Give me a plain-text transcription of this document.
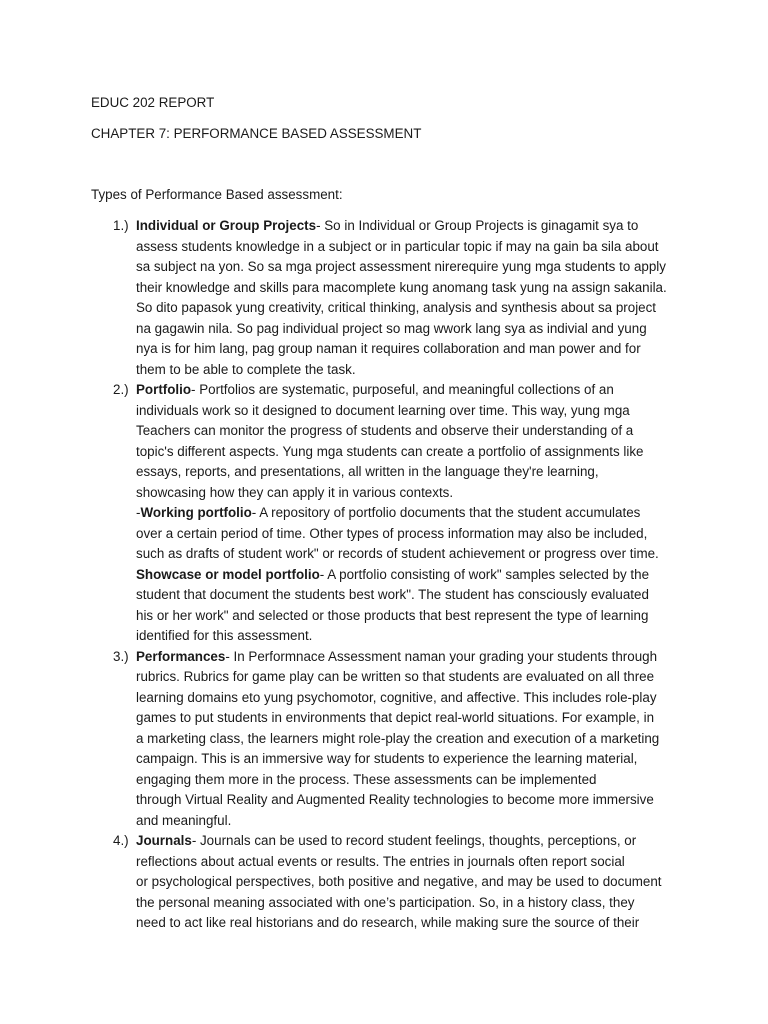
EDUC 202 REPORT
CHAPTER 7: PERFORMANCE BASED ASSESSMENT
Types of Performance Based assessment:
1.) Individual or Group Projects- So in Individual or Group Projects is ginagamit sya to
assess students knowledge in a subject or in particular topic if may na gain ba sila about
sa subject na yon. So sa mga project assessment nirerequire yung mga students to apply
their knowledge and skills para macomplete kung anomang task yung na assign sakanila.
So dito papasok yung creativity, critical thinking, analysis and synthesis about sa project
na gagawin nila. So pag individual project so mag wwork lang sya as indivial and yung
nya is for him lang, pag group naman it requires collaboration and man power and for
them to be able to complete the task.
2.) Portfolio- Portfolios are systematic, purposeful, and meaningful collections of an
individuals work so it designed to document learning over time. This way, yung mga
Teachers can monitor the progress of students and observe their understanding of a
topic's different aspects. Yung mga students can create a portfolio of assignments like
essays, reports, and presentations, all written in the language they're learning,
showcasing how they can apply it in various contexts.
-Working portfolio- A repository of portfolio documents that the student accumulates
over a certain period of time. Other types of process information may also be included,
such as drafts of student work" or records of student achievement or progress over time.
Showcase or model portfolio- A portfolio consisting of work" samples selected by the
student that document the students best work". The student has consciously evaluated
his or her work" and selected or those products that best represent the type of learning
identified for this assessment.
3.) Performances- In Performnace Assessment naman your grading your students through
rubrics. Rubrics for game play can be written so that students are evaluated on all three
learning domains eto yung psychomotor, cognitive, and affective. This includes role-play
games to put students in environments that depict real-world situations. For example, in
a marketing class, the learners might role-play the creation and execution of a marketing
campaign. This is an immersive way for students to experience the learning material,
engaging them more in the process. These assessments can be implemented
through Virtual Reality and Augmented Reality technologies to become more immersive
and meaningful.
4.) Journals- Journals can be used to record student feelings, thoughts, perceptions, or
reflections about actual events or results. The entries in journals often report social
or psychological perspectives, both positive and negative, and may be used to document
the personal meaning associated with one’s participation. So, in a history class, they
need to act like real historians and do research, while making sure the source of their
